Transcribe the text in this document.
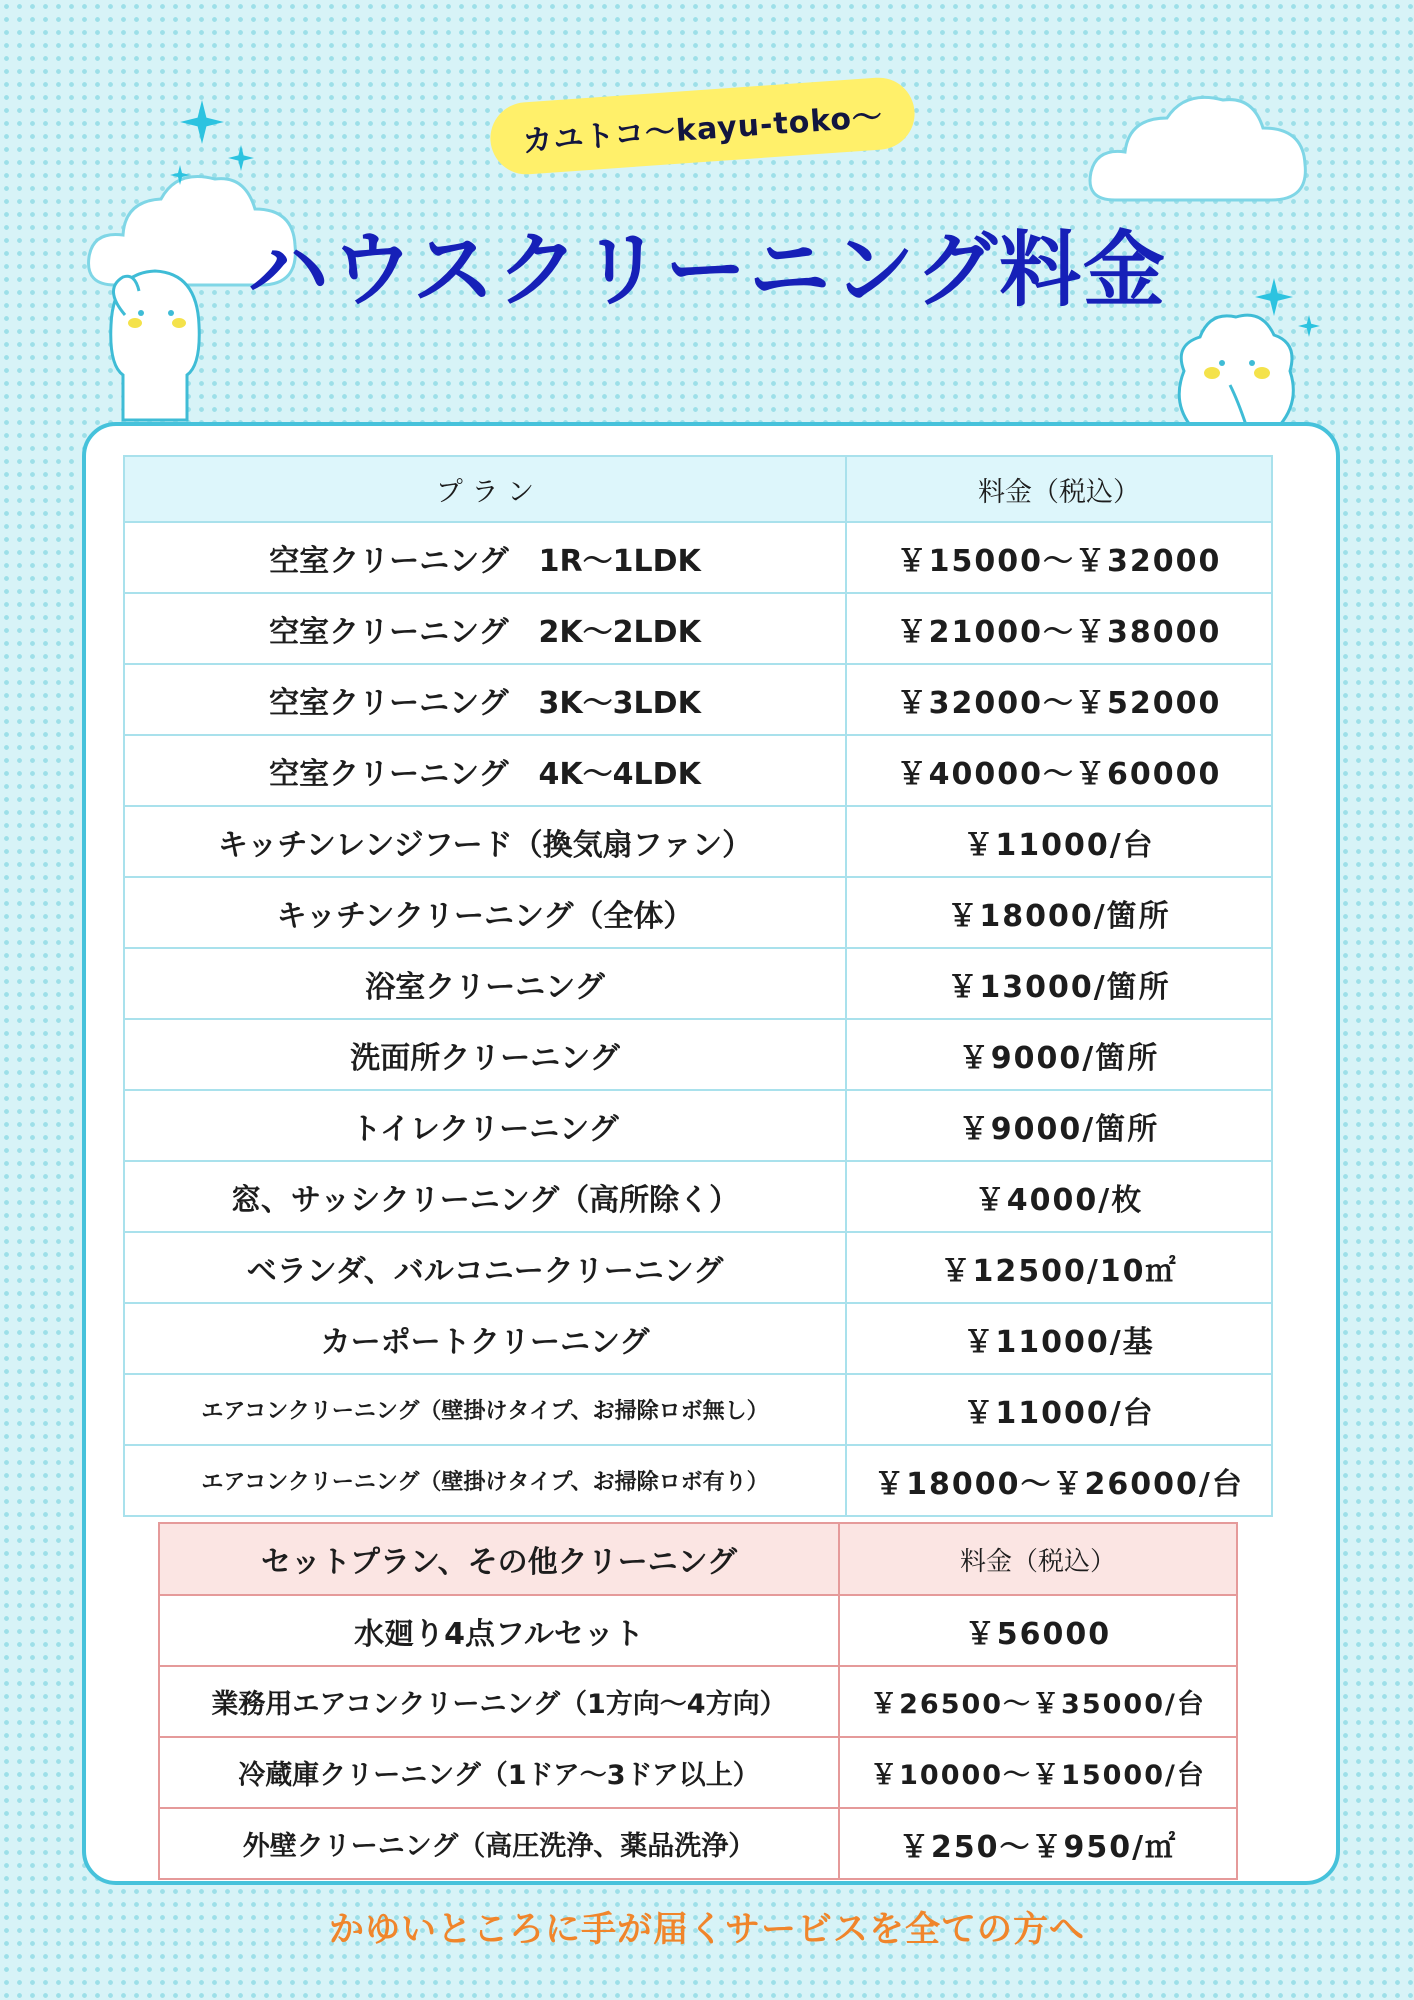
カユトコ〜kayu-toko〜
ハウスクリーニング料金
プ ラ ン	料金（税込）
空室クリーニング　1R〜1LDK	￥15000〜￥32000
空室クリーニング　2K〜2LDK	￥21000〜￥38000
空室クリーニング　3K〜3LDK	￥32000〜￥52000
空室クリーニング　4K〜4LDK	￥40000〜￥60000
キッチンレンジフード（換気扇ファン）	￥11000/台
キッチンクリーニング（全体）	￥18000/箇所
浴室クリーニング	￥13000/箇所
洗面所クリーニング	￥9000/箇所
トイレクリーニング	￥9000/箇所
窓、サッシクリーニング（高所除く）	￥4000/枚
ベランダ、バルコニークリーニング	￥12500/10㎡
カーポートクリーニング	￥11000/基
エアコンクリーニング（壁掛けタイプ、お掃除ロボ無し）	￥11000/台
エアコンクリーニング（壁掛けタイプ、お掃除ロボ有り）	￥18000〜￥26000/台
セットプラン、その他クリーニング	料金（税込）
水廻り4点フルセット	￥56000
業務用エアコンクリーニング（1方向〜4方向）	￥26500〜￥35000/台
冷蔵庫クリーニング（1ドア〜3ドア以上）	￥10000〜￥15000/台
外壁クリーニング（高圧洗浄、薬品洗浄）	￥250〜￥950/㎡
かゆいところに手が届くサービスを全ての方へ
